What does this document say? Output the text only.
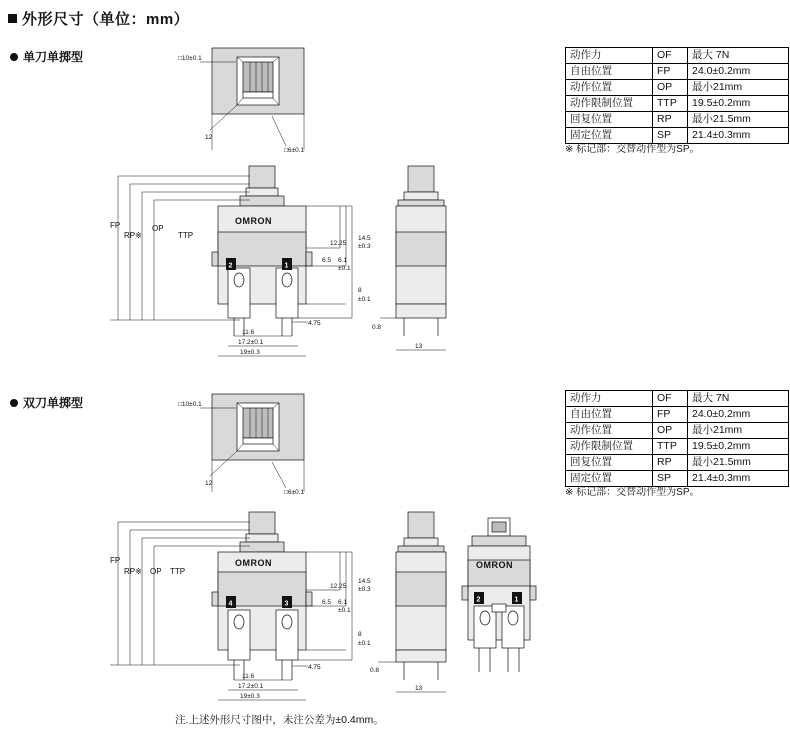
外形尺寸（单位：mm）
单刀单掷型
双刀单掷型
动作力	OF	最大 7N
自由位置	FP	24.0±0.2mm
动作位置	OP	最小21mm
动作限制位置	TTP	19.5±0.2mm
回复位置	RP	最小21.5mm
固定位置	SP	21.4±0.3mm
※ 标记部：交替动作型为SP。
动作力	OF	最大 7N
自由位置	FP	24.0±0.2mm
动作位置	OP	最小21mm
动作限制位置	TTP	19.5±0.2mm
回复位置	RP	最小21.5mm
固定位置	SP	21.4±0.3mm
※ 标记部：交替动作型为SP。
注.上述外形尺寸图中，未注公差为±0.4mm。
□10±0.1
12
□6±0.1
OMRON
2	1
FP
RP※
OP
TTP
12.25
14.5
±0.3
6.5 6.1
±0.1
8
±0.1
11.6
4.75
17.2±0.1
19±0.3
0.8
13
□10±0.1
12
□6±0.1
OMRON
4	3
FP
RP※ OP TTP
12.25
14.5
±0.3
6.5 6.1
±0.1
8
±0.1
11.6
4.75
17.2±0.1
19±0.3
0.8
13
OMRON
2	1
